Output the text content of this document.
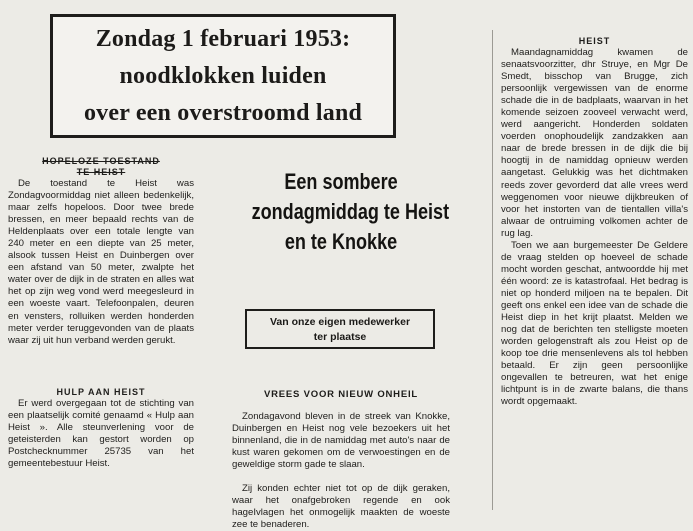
Zondag 1 februari 1953:
noodklokken luiden
over een overstroomd land
HOPELOZE TOESTAND
TE HEIST

De toestand te Heist was Zondagvoormiddag niet alleen bedenkelijk, maar zelfs hopeloos. Door twee brede bressen, en meer bepaald rechts van de Heldenplaats over een totale lengte van 240 meter en een diepte van 25 meter, alsook tussen Heist en Duinbergen over een afstand van 50 meter, zwalpte het water over de dijk in de straten en alles wat het op zijn weg vond werd meegesleurd in een woeste vaart. Telefoonpalen, deuren en vensters, rolluiken werden honderden meter verder teruggevonden van de plaats waar zij uit hun verband werden gerukt.

HULP AAN HEIST

Er werd overgegaan tot de stichting van een plaatselijk comité genaamd « Hulp aan Heist ». Alle steunverlening voor de geteisterden kan gestort worden op Postchecknummer 25735 van het gemeentebestuur Heist.

Een sombere
zondagmiddag te Heist
en te Knokke
Van onze eigen medewerker
ter plaatse
VREES VOOR NIEUW ONHEIL

Zondagavond bleven in de streek van Knokke, Duinbergen en Heist nog vele bezoekers uit het binnenland, die in de namiddag met auto's naar de kust waren gekomen om de verwoestingen en de geweldige storm gade te slaan.

Zij konden echter niet tot op de dijk geraken, waar het onafgebroken regende en ook hageIvlagen het onmogelijk maakten de woeste zee te benaderen.

HEIST

Maandagnamiddag kwamen de senaatsvoorzitter, dhr Struye, en Mgr De Smedt, bisschop van Brugge, zich persoonlijk vergewissen van de enorme schade die in de badplaats, waarvan in het komende seizoen zooveel verwacht werd, werd aangericht. Honderden soldaten voerden onophoudelijk zandzakken aan naar de brede bressen in de dijk die bij hoogtij in de namiddag opnieuw werden aangetast. Gelukkig was het dichtmaken reeds zover gevorderd dat alle vrees werd weggenomen voor nieuwe dijkbreuken of voor het instorten van de tientallen villa's alwaar de ontruiming volkomen achter de rug lag.

Toen we aan burgemeester De Geldere de vraag stelden op hoeveel de schade mocht worden geschat, antwoordde hij met één woord: ze is katastrofaal. Het bedrag is niet op honderd miljoen na te bepalen. Dit geeft ons enkel een idee van de schade die Heist diep in het krijt plaatst. Melden we nog dat de berichten ten stelligste moeten worden gelogenstraft als zou Heist op de koop toe drie mensenlevens als tol hebben betaald. Er zijn geen persoonlijke ongevallen te betreuren, wat het enige lichtpunt is in de zwarte balans, die thans wordt opgemaakt.
